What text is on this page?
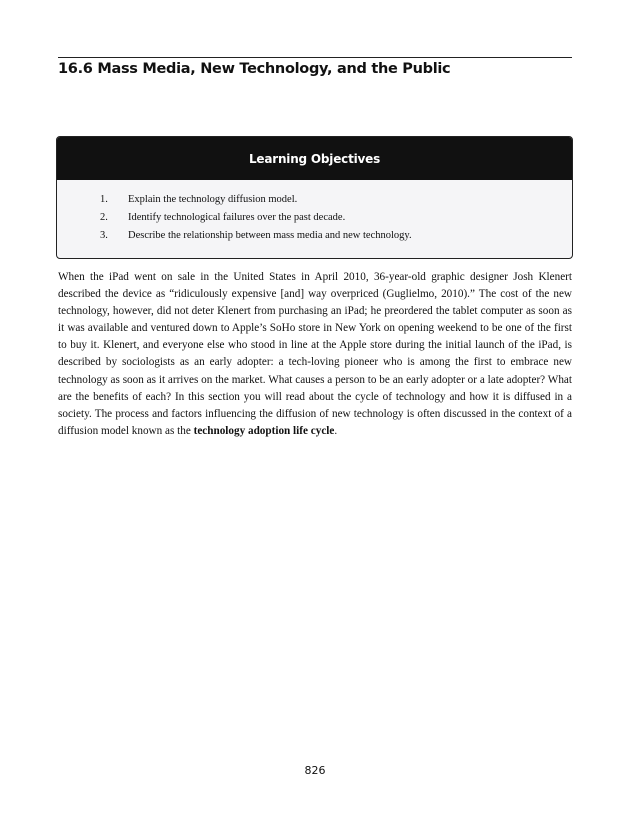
16.6 Mass Media, New Technology, and the Public
Learning Objectives
1. Explain the technology diffusion model.
2. Identify technological failures over the past decade.
3. Describe the relationship between mass media and new technology.

When the iPad went on sale in the United States in April 2010, 36-year-old graphic designer Josh Klenert described the device as “ridiculously expensive [and] way overpriced (Guglielmo, 2010).” The cost of the new technology, however, did not deter Klenert from purchasing an iPad; he preordered the tablet computer as soon as it was available and ventured down to Apple’s SoHo store in New York on opening weekend to be one of the first to buy it. Klenert, and everyone else who stood in line at the Apple store during the initial launch of the iPad, is described by sociologists as an early adopter: a tech-loving pioneer who is among the first to embrace new technology as soon as it arrives on the market. What causes a person to be an early adopter or a late adopter? What are the benefits of each? In this section you will read about the cycle of technology and how it is diffused in a society. The process and factors influencing the diffusion of new technology is often discussed in the context of a diffusion model known as the technology adoption life cycle.

826
